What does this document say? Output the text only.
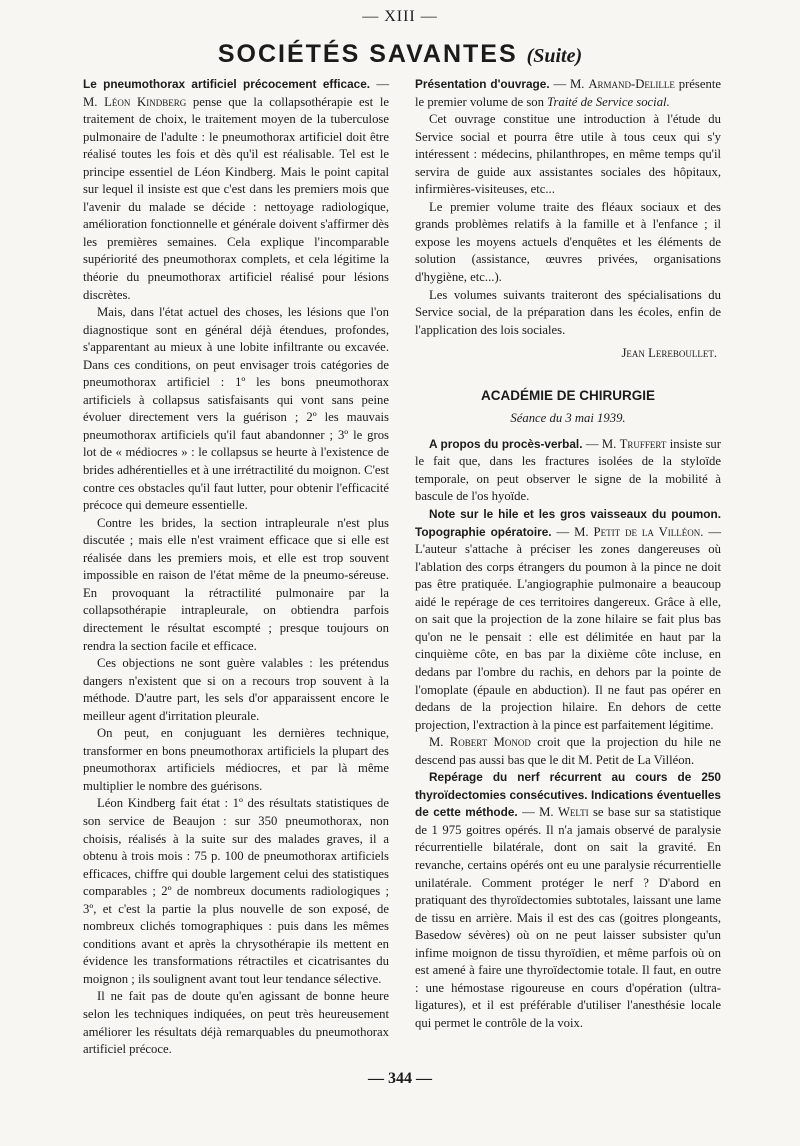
— XIII —
SOCIÉTÉS SAVANTES (Suite)

Le pneumothorax artificiel précocement efficace. — M. Léon Kindberg pense que la collapsothérapie est le traitement de choix, le traitement moyen de la tuberculose pulmonaire de l'adulte : le pneumothorax artificiel doit être réalisé toutes les fois et dès qu'il est réalisable. Tel est le principe essentiel de Léon Kindberg. Mais le point capital sur lequel il insiste est que c'est dans les premiers mois que l'avenir du malade se décide : nettoyage radiologique, amélioration fonctionnelle et générale doivent s'affirmer dès les premières semaines. Cela explique l'incomparable supériorité des pneumothorax complets, et cela légitime la théorie du pneumothorax artificiel réalisé pour lésions discrètes.

Mais, dans l'état actuel des choses, les lésions que l'on diagnostique sont en général déjà étendues, profondes, s'apparentant au mieux à une lobite infiltrante ou excavée. Dans ces conditions, on peut envisager trois catégories de pneumothorax artificiel : 1º les bons pneumothorax artificiels à collapsus satisfaisants qui vont sans peine évoluer directement vers la guérison ; 2º les mauvais pneumothorax artificiels qu'il faut abandonner ; 3º le gros lot de « médiocres » : le collapsus se heurte à l'existence de brides adhérentielles et à une irrétractilité du moignon. C'est contre ces obstacles qu'il faut lutter, pour obtenir l'efficacité précoce qui demeure essentielle.

Contre les brides, la section intrapleurale n'est plus discutée ; mais elle n'est vraiment efficace que si elle est réalisée dans les premiers mois, et elle est trop souvent impossible en raison de l'état même de la pneumo-séreuse. En provoquant la rétractilité pulmonaire par la collapsothérapie intrapleurale, on obtiendra parfois directement le résultat escompté ; presque toujours on rendra la section facile et efficace.

Ces objections ne sont guère valables : les prétendus dangers n'existent que si on a recours trop souvent à la méthode. D'autre part, les sels d'or apparaissent encore le meilleur agent d'irritation pleurale.

On peut, en conjuguant les dernières technique, transformer en bons pneumothorax artificiels la plupart des pneumothorax artificiels médiocres, et par là même multiplier le nombre des guérisons.

Léon Kindberg fait état : 1º des résultats statistiques de son service de Beaujon : sur 350 pneumothorax, non choisis, réalisés à la suite sur des malades graves, il a obtenu à trois mois : 75 p. 100 de pneumothorax artificiels efficaces, chiffre qui double largement celui des statistiques comparables ; 2º de nombreux documents radiologiques ; 3º, et c'est la partie la plus nouvelle de son exposé, de nombreux clichés tomographiques : puis dans les mêmes conditions avant et après la chrysothérapie ils mettent en évidence les transformations rétractiles et cicatrisantes du moignon ; ils soulignent avant tout leur tendance sélective.

Il ne fait pas de doute qu'en agissant de bonne heure selon les techniques indiquées, on peut très heureusement améliorer les résultats déjà remarquables du pneumothorax artificiel précoce.

Présentation d'ouvrage. — M. Armand-Delille présente le premier volume de son Traité de Service social.

Cet ouvrage constitue une introduction à l'étude du Service social et pourra être utile à tous ceux qui s'y intéressent : médecins, philanthropes, en même temps qu'il servira de guide aux assistantes sociales des hôpitaux, infirmières-visiteuses, etc...

Le premier volume traite des fléaux sociaux et des grands problèmes relatifs à la famille et à l'enfance ; il expose les moyens actuels d'enquêtes et les éléments de solution (assistance, œuvres privées, organisations d'hygiène, etc...).

Les volumes suivants traiteront des spécialisations du Service social, de la préparation dans les écoles, enfin de l'application des lois sociales.

Jean Lereboullet.

ACADÉMIE DE CHIRURGIE

Séance du 3 mai 1939.

A propos du procès-verbal. — M. Truffert insiste sur le fait que, dans les fractures isolées de la styloïde temporale, on peut observer le signe de la mobilité à bascule de l'os hyoïde.

Note sur le hile et les gros vaisseaux du poumon. Topographie opératoire. — M. Petit de la Villéon. — L'auteur s'attache à préciser les zones dangereuses où l'ablation des corps étrangers du poumon à la pince ne doit pas être pratiquée. L'angiographie pulmonaire a beaucoup aidé le repérage de ces territoires dangereux. Grâce à elle, on sait que la projection de la zone hilaire se fait plus bas qu'on ne le pensait : elle est délimitée en haut par la cinquième côte, en bas par la dixième côte incluse, en dedans par l'ombre du rachis, en dehors par la pointe de l'omoplate (épaule en abduction). Il ne faut pas opérer en dedans de la projection hilaire. En dehors de cette projection, l'extraction à la pince est parfaitement légitime.

M. Robert Monod croit que la projection du hile ne descend pas aussi bas que le dit M. Petit de La Villéon.

Repérage du nerf récurrent au cours de 250 thyroïdectomies consécutives. Indications éventuelles de cette méthode. — M. Welti se base sur sa statistique de 1 975 goitres opérés. Il n'a jamais observé de paralysie récurrentielle bilatérale, dont on sait la gravité. En revanche, certains opérés ont eu une paralysie récurrentielle unilatérale. Comment protéger le nerf ? D'abord en pratiquant des thyroïdectomies subtotales, laissant une lame de tissu en arrière. Mais il est des cas (goitres plongeants, Basedow sévères) où on ne peut laisser subsister qu'un infime moignon de tissu thyroïdien, et même parfois où on est amené à faire une thyroïdectomie totale. Il faut, en outre : une hémostase rigoureuse en cours d'opération (ultra-ligatures), et il est préférable d'utiliser l'anesthésie locale qui permet le contrôle de la voix.

— 344 —
